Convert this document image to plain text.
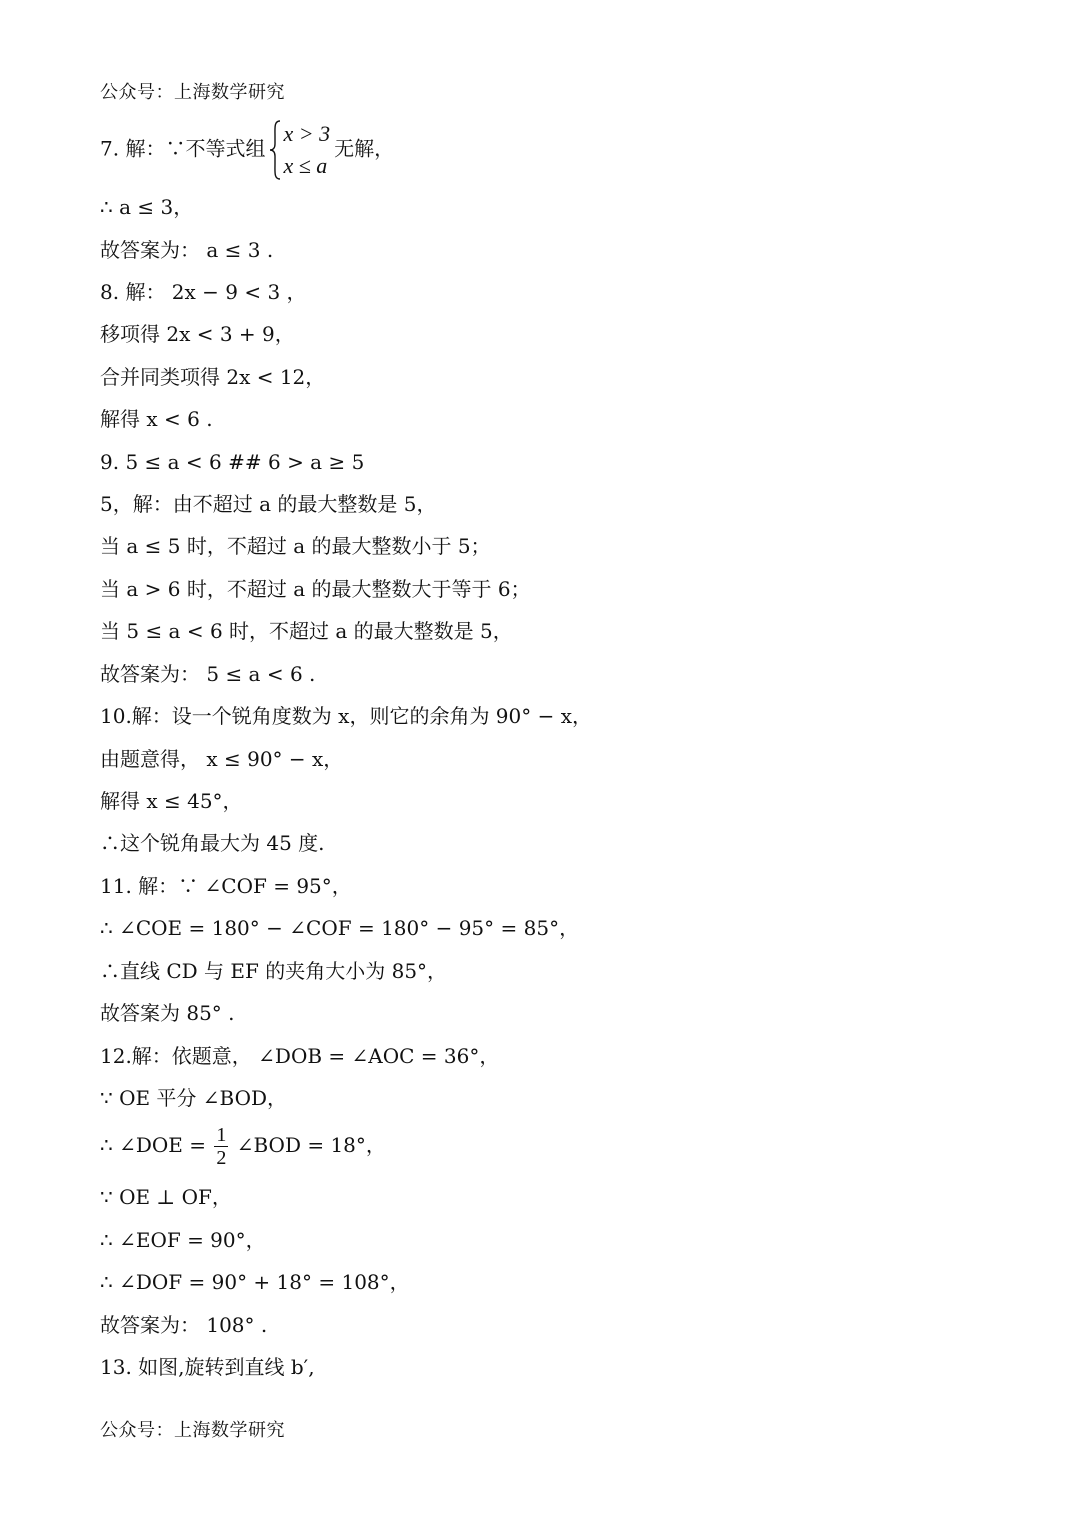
公众号：上海数学研究
7. 解：∵不等式组
x > 3
x ≤ a
无解，
∴ a ≤ 3，
故答案为： a ≤ 3 .
8. 解： 2x − 9 < 3 ，
移项得 2x < 3 + 9，
合并同类项得 2x < 12，
解得 x < 6 .
9. 5 ≤ a < 6 ## 6 > a ≥ 5
5，解：由不超过 a 的最大整数是 5，
当 a ≤ 5 时，不超过 a 的最大整数小于 5；
当 a > 6 时，不超过 a 的最大整数大于等于 6；
当 5 ≤ a < 6 时，不超过 a 的最大整数是 5，
故答案为： 5 ≤ a < 6 .
10.解：设一个锐角度数为 x，则它的余角为 90° − x，
由题意得， x ≤ 90° − x，
解得 x ≤ 45°，
∴这个锐角最大为 45 度.
11. 解：∵ ∠COF = 95°，
∴ ∠COE = 180° − ∠COF = 180° − 95° = 85°，
∴直线 CD 与 EF 的夹角大小为 85°，
故答案为 85° .
12.解：依题意， ∠DOB = ∠AOC = 36°，
∵ OE 平分 ∠BOD，
∴ ∠DOE = $\frac{1}{2}$ ∠BOD = 18°，
∵ OE ⊥ OF，
∴ ∠EOF = 90°，
∴ ∠DOF = 90° + 18° = 108°，
故答案为： 108° .
13. 如图,旋转到直线 b′,
公众号：上海数学研究
